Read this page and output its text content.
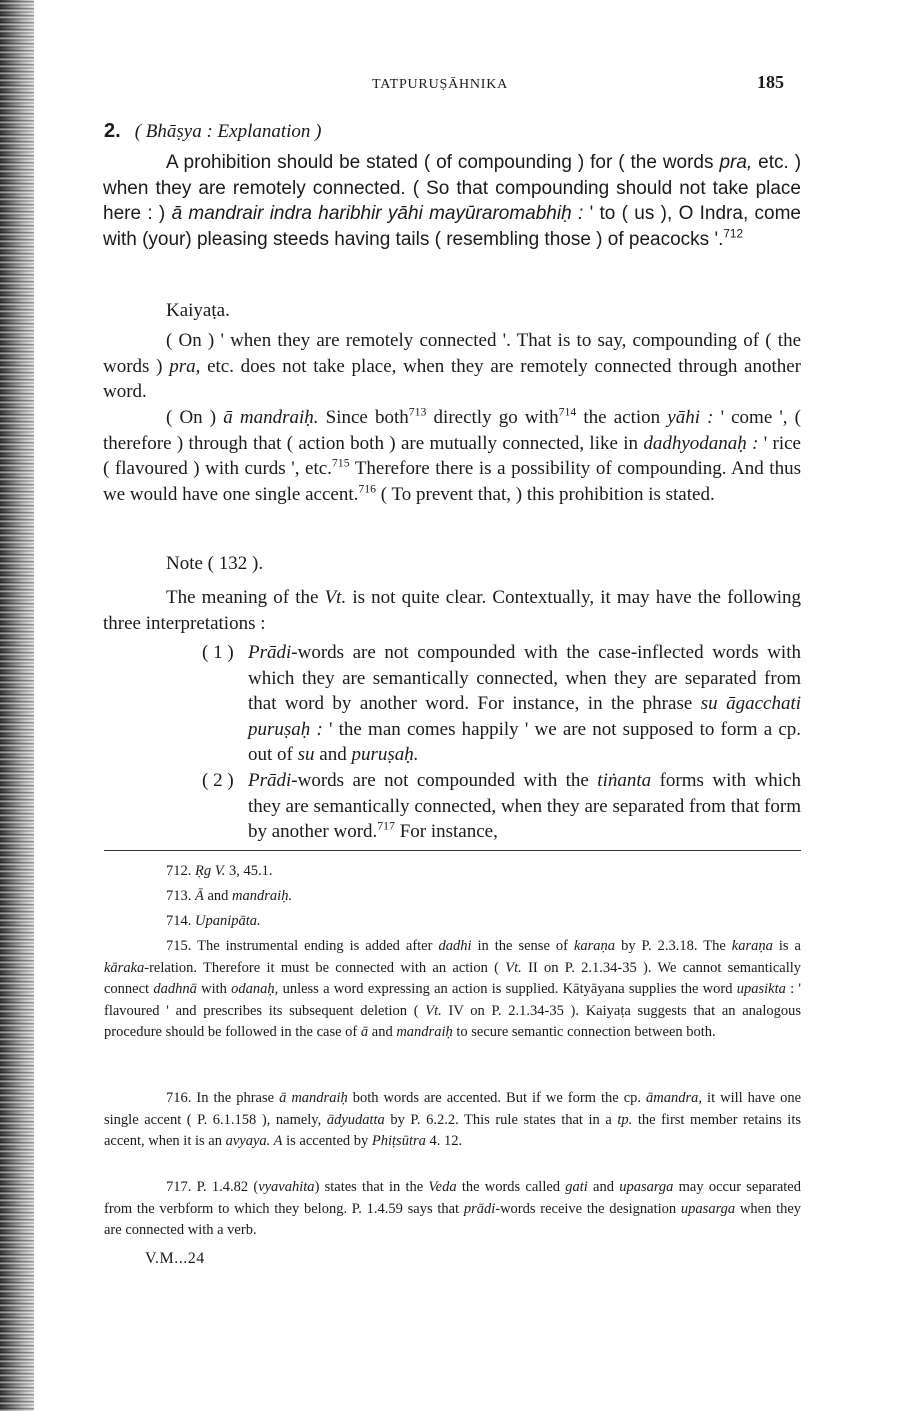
TATPURUṢĀHNIKA	185
2. ( Bhāṣya : Explanation )
A prohibition should be stated ( of compounding ) for ( the words pra, etc. ) when they are remotely connected. ( So that compounding should not take place here : ) ā mandrair indra haribhir yāhi mayūraromabhiḥ : ' to ( us ), O Indra, come with (your) pleasing steeds having tails ( resembling those ) of peacocks '.$^{712}$
Kaiyaṭa.
( On ) ' when they are remotely connected '. That is to say, compounding of ( the words ) pra, etc. does not take place, when they are remotely connected through another word.
( On ) ā mandraiḥ. Since both$^{713}$ directly go with$^{714}$ the action yāhi : ' come ', ( therefore ) through that ( action both ) are mutually connected, like in dadhyodanaḥ : ' rice ( flavoured ) with curds ', etc.$^{715}$ Therefore there is a possibility of compounding. And thus we would have one single accent.$^{716}$ ( To prevent that, ) this prohibition is stated.
Note ( 132 ).
The meaning of the Vt. is not quite clear. Contextually, it may have the following three interpretations :
( 1 ) Prādi-words are not compounded with the case-inflected words with which they are semantically connected, when they are separated from that word by another word. For instance, in the phrase su āgacchati puruṣaḥ : ' the man comes happily ' we are not supposed to form a cp. out of su and puruṣaḥ.
( 2 ) Prādi-words are not compounded with the tiṅanta forms with which they are semantically connected, when they are separated from that form by another word.$^{717}$ For instance,
712. Ṛg V. 3, 45.1.
713. Ā and mandraiḥ.
714. Upanipāta.
715. The instrumental ending is added after dadhi in the sense of karaṇa by P. 2.3.18. The karaṇa is a kāraka-relation. Therefore it must be connected with an action ( Vt. II on P. 2.1.34-35 ). We cannot semantically connect dadhnā with odanaḥ, unless a word expressing an action is supplied. Kātyāyana supplies the word upasikta : ' flavoured ' and prescribes its subsequent deletion ( Vt. IV on P. 2.1.34-35 ). Kaiyaṭa suggests that an analogous procedure should be followed in the case of ā and mandraiḥ to secure semantic connection between both.
716. In the phrase ā mandraiḥ both words are accented. But if we form the cp. āmandra, it will have one single accent ( P. 6.1.158 ), namely, ādyudatta by P. 6.2.2. This rule states that in a tp. the first member retains its accent, when it is an avyaya. A is accented by Phiṭsūtra 4. 12.
717. P. 1.4.82 (vyavahita) states that in the Veda the words called gati and upasarga may occur separated from the verbform to which they belong. P. 1.4.59 says that prādi-words receive the designation upasarga when they are connected with a verb.
V.M...24
